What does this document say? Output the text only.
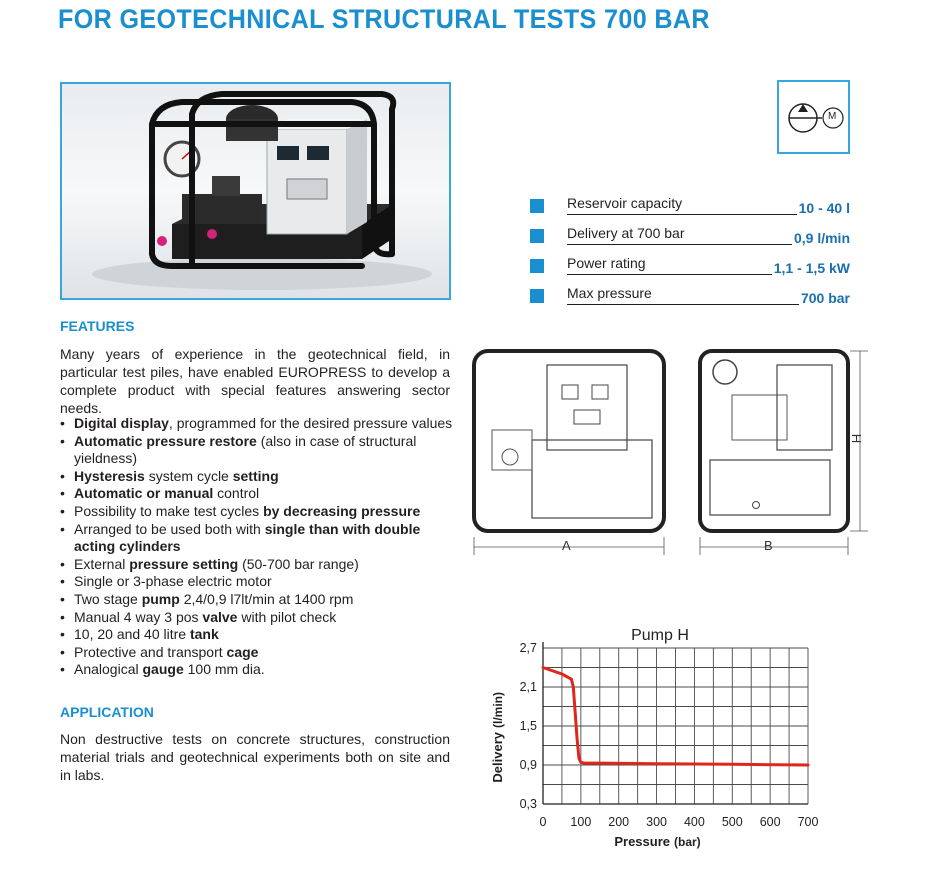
FOR GEOTECHNICAL STRUCTURAL TESTS 700 BAR
M
Reservoir capacity	10 - 40 l
Delivery at 700 bar	0,9 l/min
Power rating	1,1 - 1,5 kW
Max pressure	700 bar
FEATURES
Many years of experience in the geotechnical field, in particular test piles, have enabled EUROPRESS to develop a complete product with special features answering sector needs.
• Digital display, programmed for the desired pressure values
• Automatic pressure restore (also in case of structural yieldness)
• Hysteresis system cycle setting
• Automatic or manual control
• Possibility to make test cycles by decreasing pressure
• Arranged to be used both with single than with double acting cylinders
• External pressure setting (50-700 bar range)
• Single or 3-phase electric motor
• Two stage pump 2,4/0,9 l7lt/min at 1400 rpm
• Manual 4 way 3 pos valve with pilot check
• 10, 20 and 40 litre tank
• Protective and transport cage
• Analogical gauge 100 mm dia.
APPLICATION
Non destructive tests on concrete structures, construction material trials and geotechnical experiments both on site and in labs.
A	B
H
0 100 200 300 400 500 600 700
0,3
0,9
1,5
2,1
2,7
Pump H
Pressure (bar)
Delivery
(l/min)
